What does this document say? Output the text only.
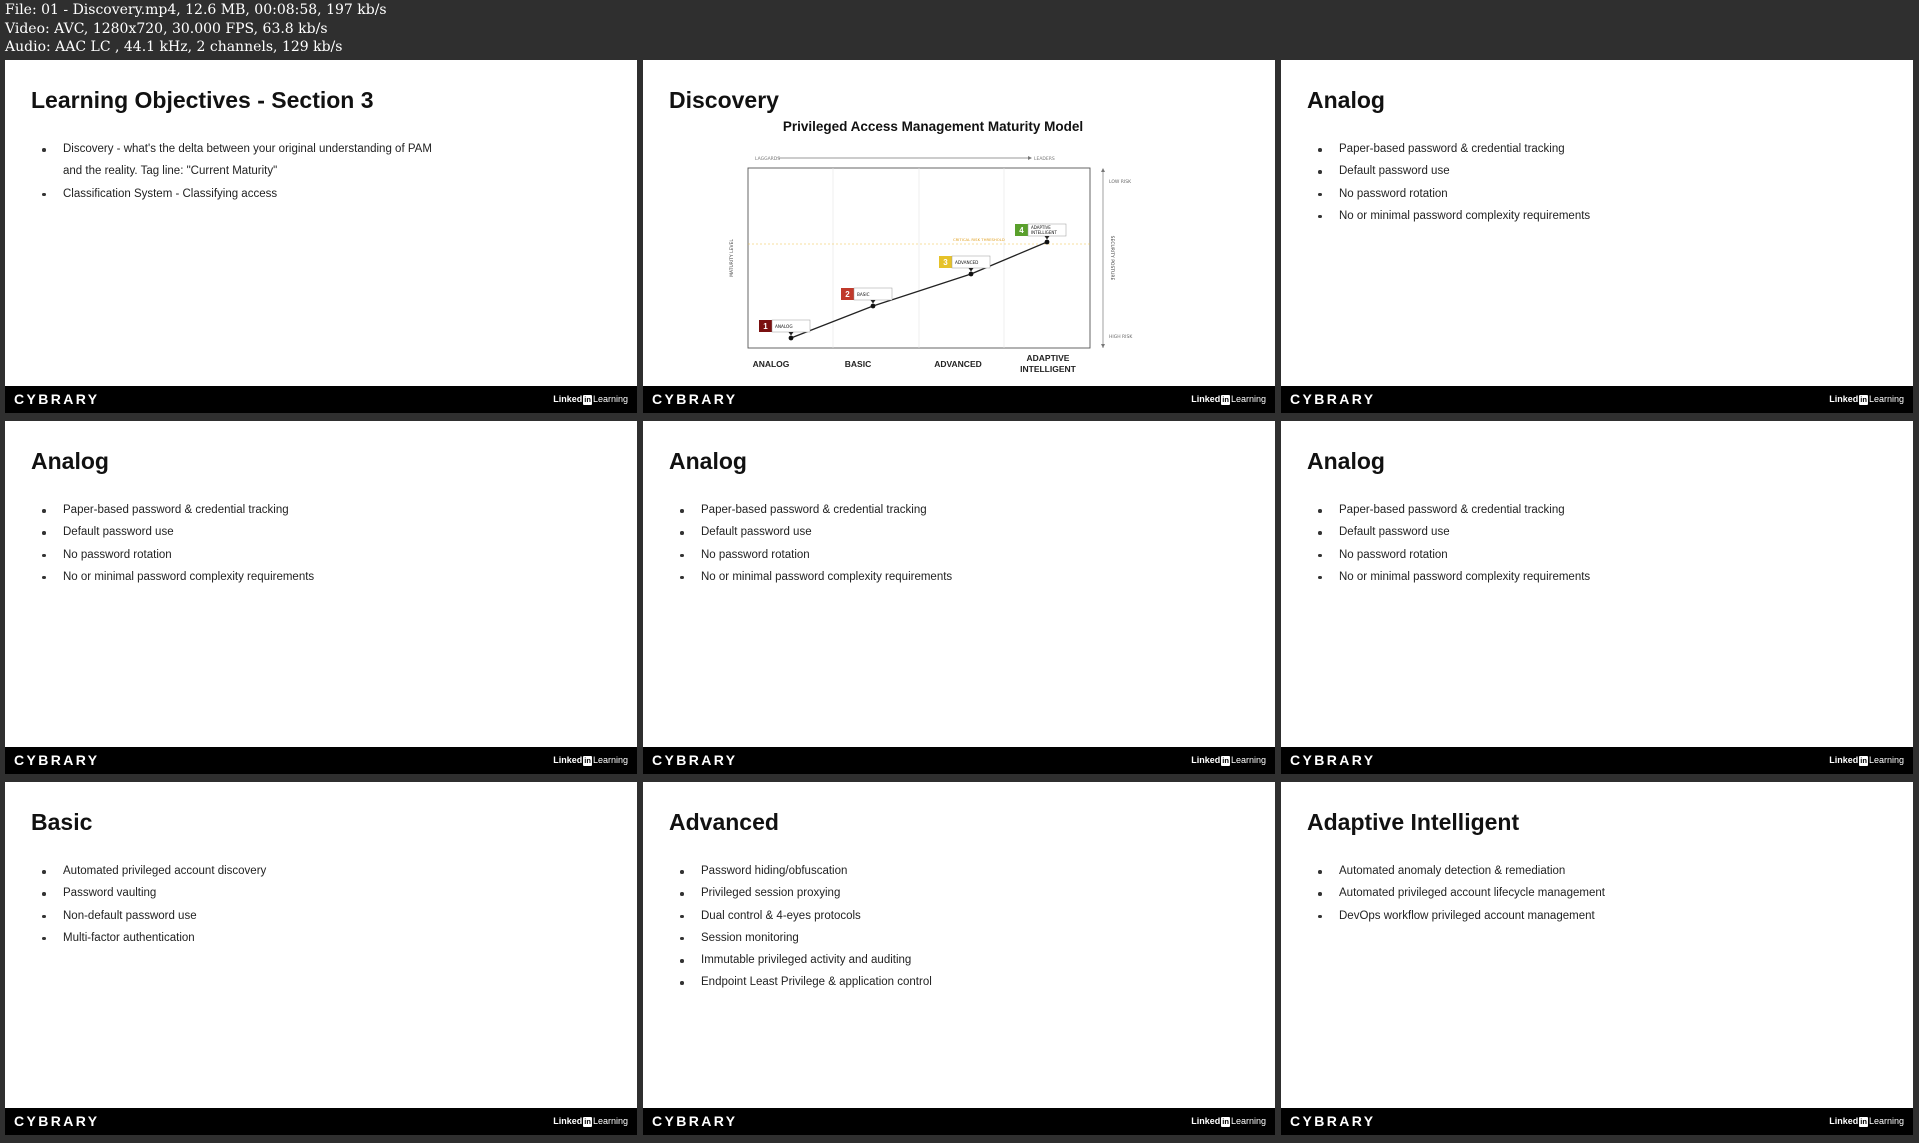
File: 01 - Discovery.mp4, 12.6 MB, 00:08:58, 197 kb/s
Video: AVC, 1280x720, 30.000 FPS, 63.8 kb/s
Audio: AAC LC , 44.1 kHz, 2 channels, 129 kb/s
Learning Objectives - Section 3
Discovery - what's the delta between your original understanding of PAM
and the reality. Tag line: "Current Maturity"
Classification System - Classifying access
CYBRARY	Linked in Learning
Discovery
Privileged Access Management Maturity Model
LAGGARDS	LEADERS
CRITICAL RISK THRESHOLD
MATURITY LEVEL	SECURITY POSTURE
LOW RISK
HIGH RISK
1 ANALOG
2 BASIC
3 ADVANCED
4 ADAPTIVE
INTELLIGENT
ANALOG	BASIC	ADVANCED
ADAPTIVE
INTELLIGENT
CYBRARY	Linked in Learning
Analog
Paper-based password & credential tracking
Default password use
No password rotation
No or minimal password complexity requirements
CYBRARY	Linked in Learning
Analog
Paper-based password & credential tracking
Default password use
No password rotation
No or minimal password complexity requirements
CYBRARY	Linked in Learning
Analog
Paper-based password & credential tracking
Default password use
No password rotation
No or minimal password complexity requirements
CYBRARY	Linked in Learning
Analog
Paper-based password & credential tracking
Default password use
No password rotation
No or minimal password complexity requirements
CYBRARY	Linked in Learning
Basic
Automated privileged account discovery
Password vaulting
Non-default password use
Multi-factor authentication
CYBRARY	Linked in Learning
Advanced
Password hiding/obfuscation
Privileged session proxying
Dual control & 4-eyes protocols
Session monitoring
Immutable privileged activity and auditing
Endpoint Least Privilege & application control
CYBRARY	Linked in Learning
Adaptive Intelligent
Automated anomaly detection & remediation
Automated privileged account lifecycle management
DevOps workflow privileged account management
CYBRARY	Linked in Learning
